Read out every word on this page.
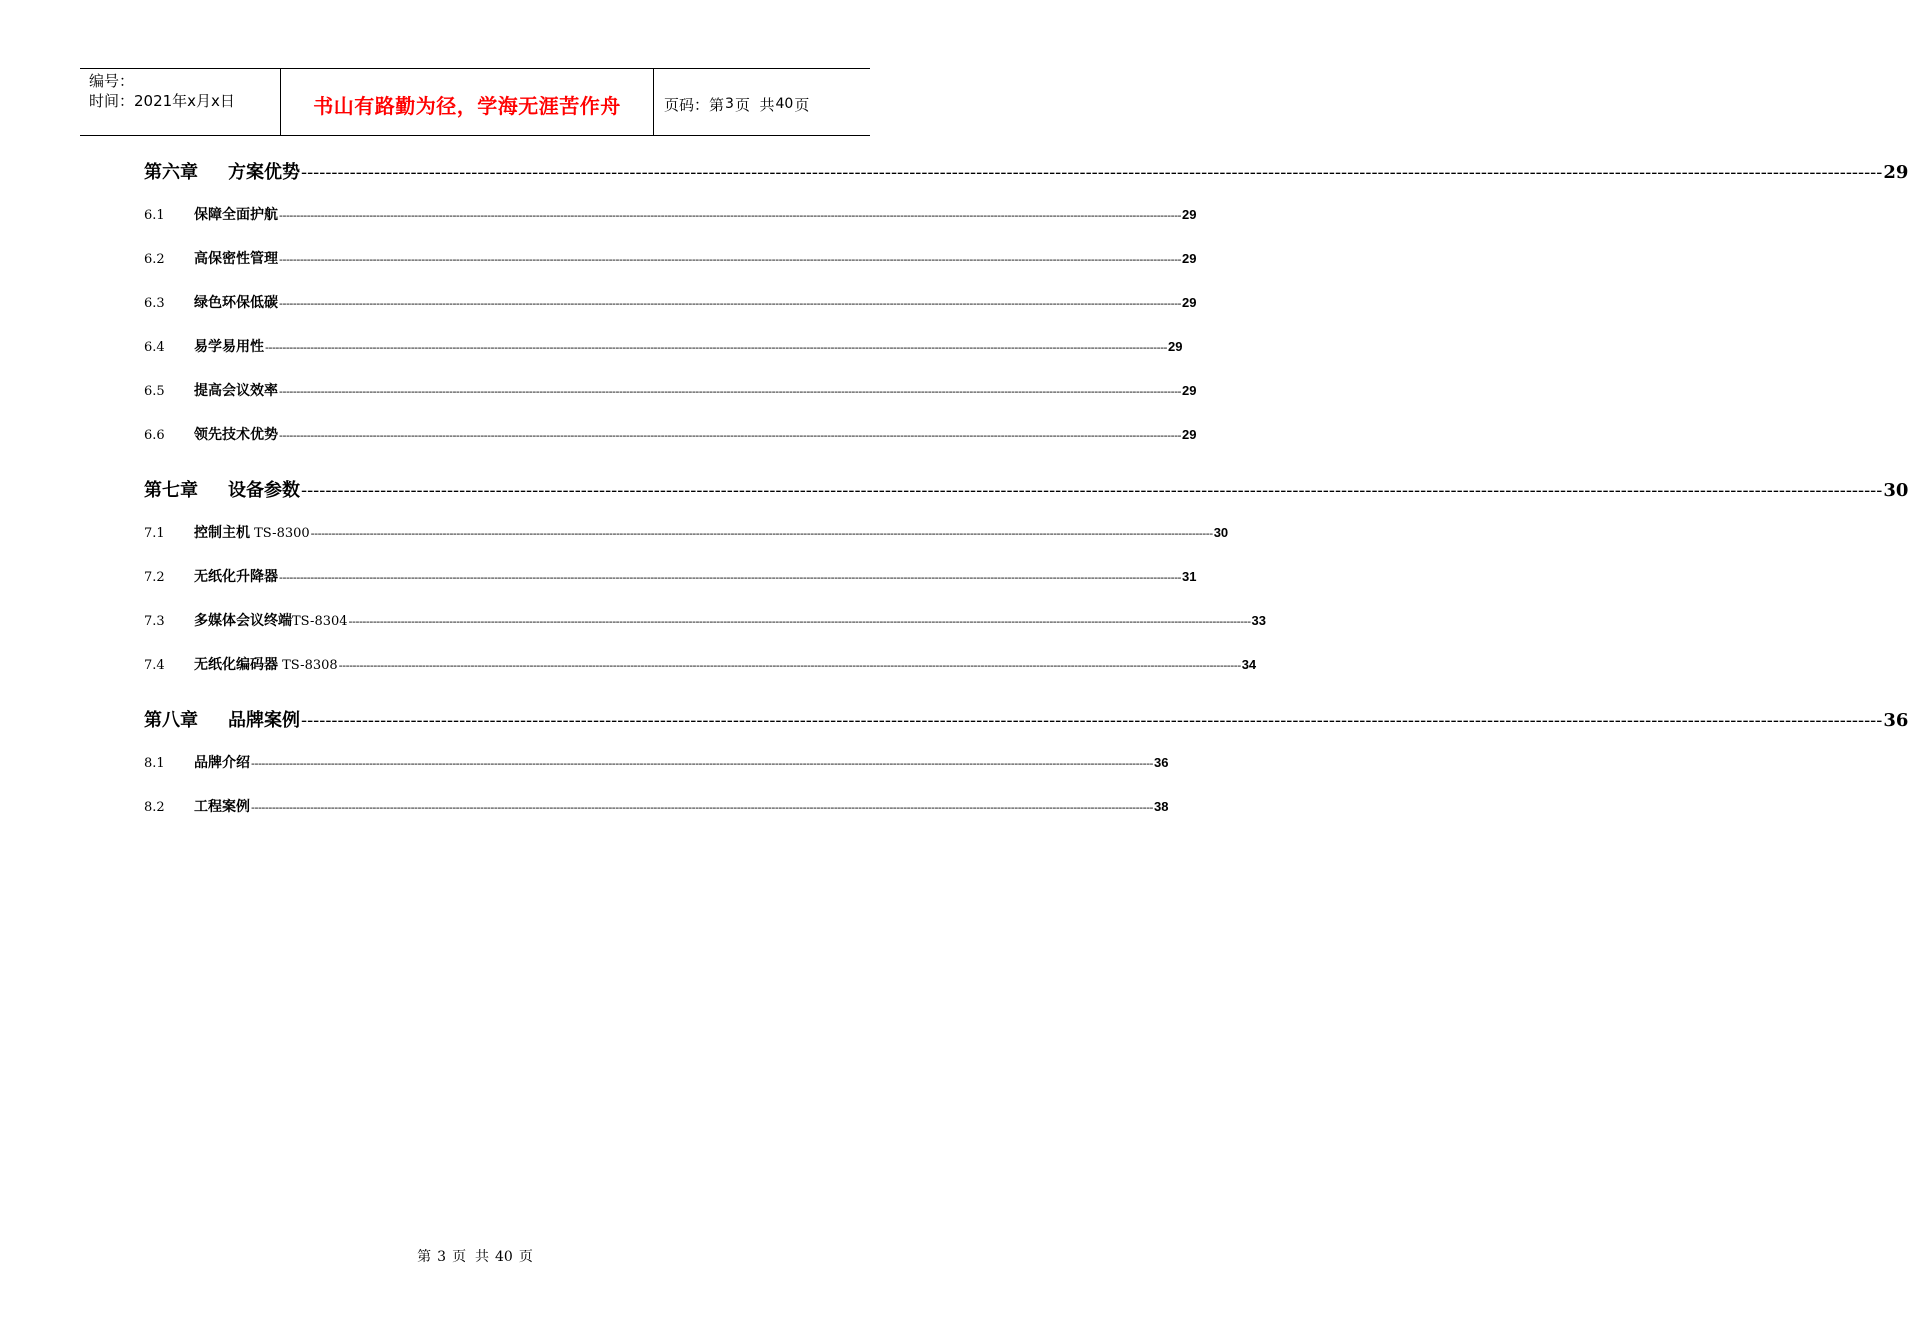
编号：
时间：2021年x月x日	书山有路勤为径，学海无涯苦作舟	页码：第 3 页  共 40 页
第六章	方案优势 -------------------------------------------------------------------------------------------------------------------------------------------------------------------------------------------------------------------------------------------------------------------- 29
6.1	保障全面护航 -------------------------------------------------------------------------------------------------------------------------------------------------------------------------------------------------------------------------------------------------------------------- 29
6.2	高保密性管理 -------------------------------------------------------------------------------------------------------------------------------------------------------------------------------------------------------------------------------------------------------------------- 29
6.3	绿色环保低碳 -------------------------------------------------------------------------------------------------------------------------------------------------------------------------------------------------------------------------------------------------------------------- 29
6.4	易学易用性 -------------------------------------------------------------------------------------------------------------------------------------------------------------------------------------------------------------------------------------------------------------------- 29
6.5	提高会议效率 -------------------------------------------------------------------------------------------------------------------------------------------------------------------------------------------------------------------------------------------------------------------- 29
6.6	领先技术优势 -------------------------------------------------------------------------------------------------------------------------------------------------------------------------------------------------------------------------------------------------------------------- 29
第七章	设备参数 -------------------------------------------------------------------------------------------------------------------------------------------------------------------------------------------------------------------------------------------------------------------- 30
7.1	控制主机 TS-8300 -------------------------------------------------------------------------------------------------------------------------------------------------------------------------------------------------------------------------------------------------------------------- 30
7.2	无纸化升降器 -------------------------------------------------------------------------------------------------------------------------------------------------------------------------------------------------------------------------------------------------------------------- 31
7.3	多媒体会议终端 TS-8304 -------------------------------------------------------------------------------------------------------------------------------------------------------------------------------------------------------------------------------------------------------------------- 33
7.4	无纸化编码器 TS-8308 -------------------------------------------------------------------------------------------------------------------------------------------------------------------------------------------------------------------------------------------------------------------- 34
第八章	品牌案例 -------------------------------------------------------------------------------------------------------------------------------------------------------------------------------------------------------------------------------------------------------------------- 36
8.1	品牌介绍 -------------------------------------------------------------------------------------------------------------------------------------------------------------------------------------------------------------------------------------------------------------------- 36
8.2	工程案例 -------------------------------------------------------------------------------------------------------------------------------------------------------------------------------------------------------------------------------------------------------------------- 38
第 3 页  共 40 页
